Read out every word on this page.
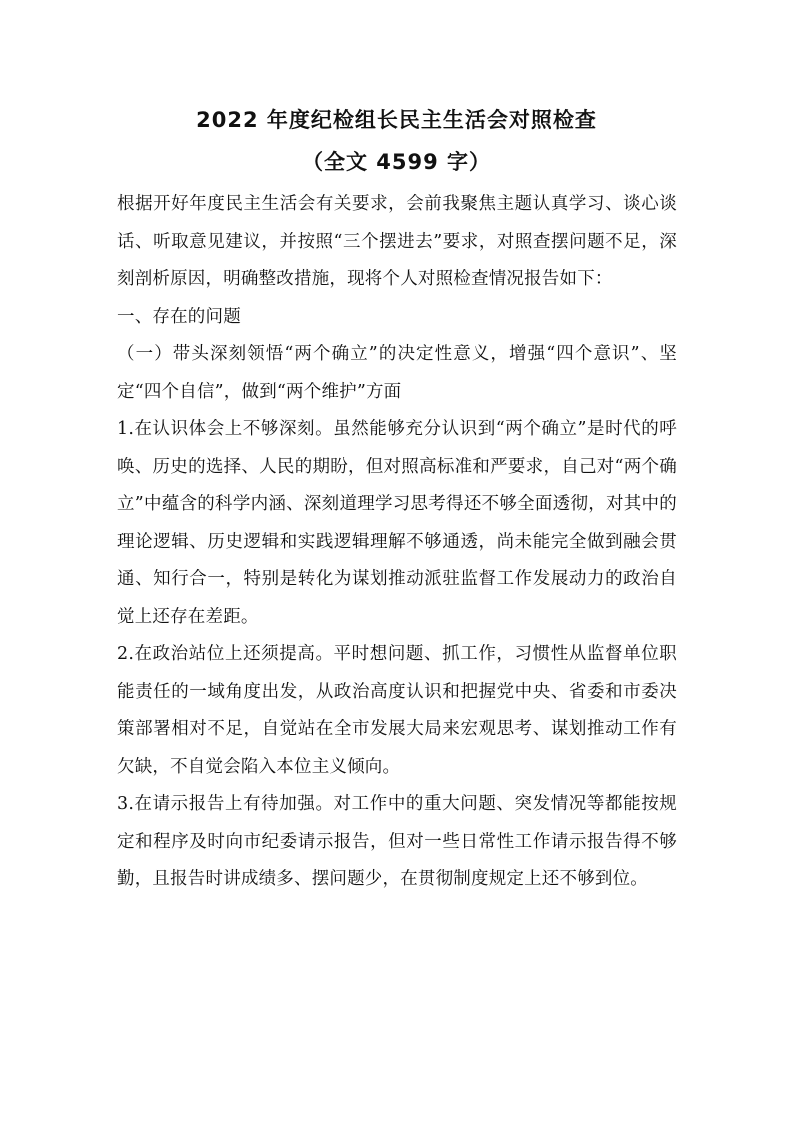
2022 年度纪检组长民主生活会对照检查
（全文 4599 字）

根据开好年度民主生活会有关要求，会前我聚焦主题认真学习、谈心谈话、听取意见建议，并按照“三个摆进去”要求，对照查摆问题不足，深刻剖析原因，明确整改措施，现将个人对照检查情况报告如下：

一、存在的问题

（一）带头深刻领悟“两个确立”的决定性意义，增强“四个意识”、坚定“四个自信”，做到“两个维护”方面

1.在认识体会上不够深刻。虽然能够充分认识到“两个确立”是时代的呼唤、历史的选择、人民的期盼，但对照高标准和严要求，自己对“两个确立”中蕴含的科学内涵、深刻道理学习思考得还不够全面透彻，对其中的理论逻辑、历史逻辑和实践逻辑理解不够通透，尚未能完全做到融会贯通、知行合一，特别是转化为谋划推动派驻监督工作发展动力的政治自觉上还存在差距。

2.在政治站位上还须提高。平时想问题、抓工作，习惯性从监督单位职能责任的一域角度出发，从政治高度认识和把握党中央、省委和市委决策部署相对不足，自觉站在全市发展大局来宏观思考、谋划推动工作有欠缺，不自觉会陷入本位主义倾向。

3.在请示报告上有待加强。对工作中的重大问题、突发情况等都能按规定和程序及时向市纪委请示报告，但对一些日常性工作请示报告得不够勤，且报告时讲成绩多、摆问题少，在贯彻制度规定上还不够到位。
